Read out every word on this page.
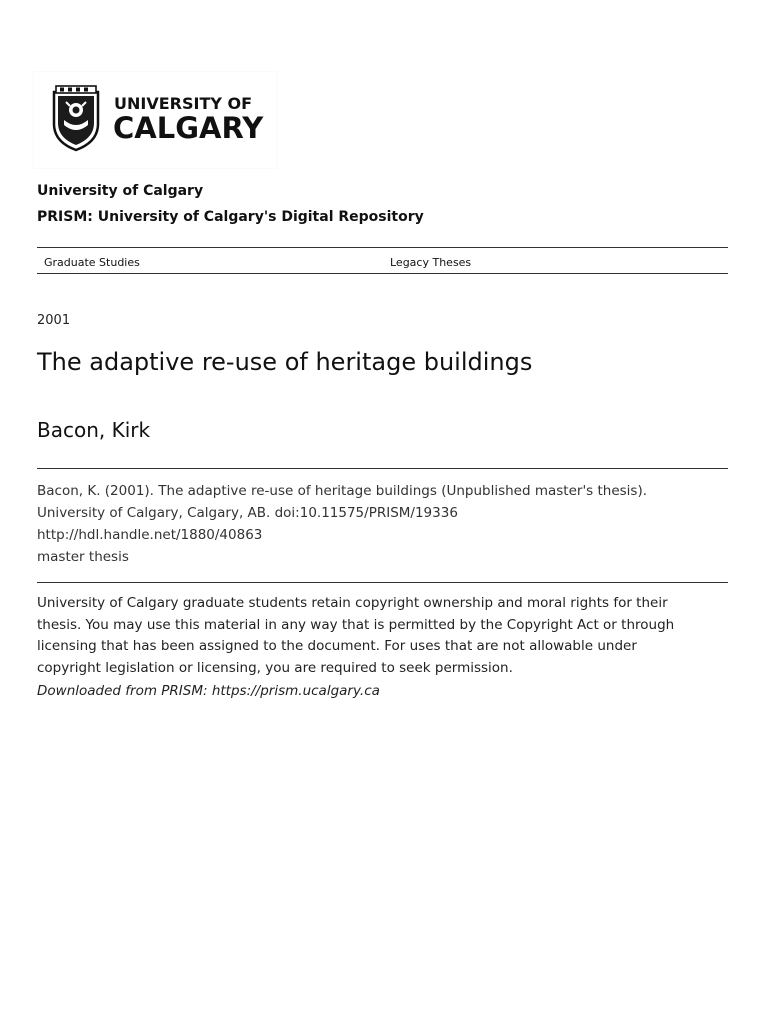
UNIVERSITY OF
CALGARY
University of Calgary
PRISM: University of Calgary's Digital Repository
Graduate Studies	Legacy Theses
2001
The adaptive re-use of heritage buildings
Bacon, Kirk
Bacon, K. (2001). The adaptive re-use of heritage buildings (Unpublished master's thesis).
University of Calgary, Calgary, AB. doi:10.11575/PRISM/19336
http://hdl.handle.net/1880/40863
master thesis
University of Calgary graduate students retain copyright ownership and moral rights for their
thesis. You may use this material in any way that is permitted by the Copyright Act or through
licensing that has been assigned to the document. For uses that are not allowable under
copyright legislation or licensing, you are required to seek permission.
Downloaded from PRISM: https://prism.ucalgary.ca
